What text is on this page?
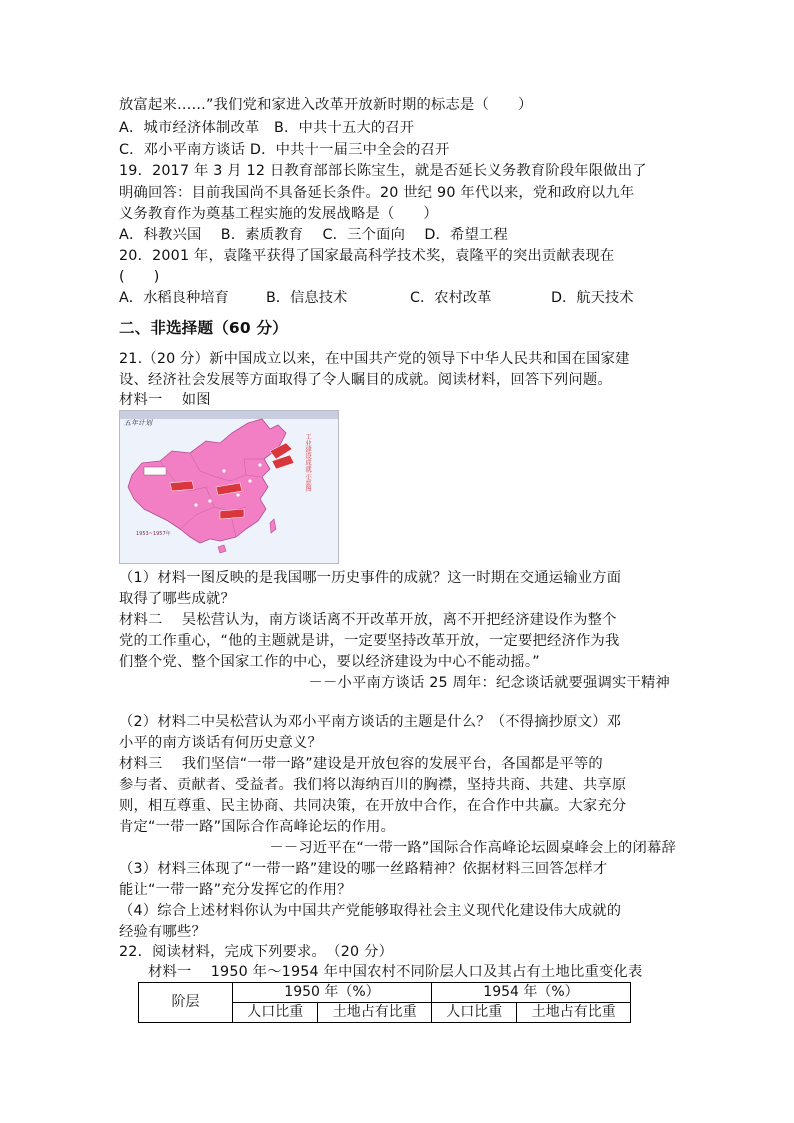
放富起来……”我们党和家进入改革开放新时期的标志是（　　）
A．城市经济体制改革　B．中共十五大的召开
C．邓小平南方谈话 D．中共十一届三中全会的召开
19．2017 年 3 月 12 日教育部部长陈宝生，就是否延长义务教育阶段年限做出了
明确回答：目前我国尚不具备延长条件。20 世纪 90 年代以来，党和政府以九年
义务教育作为奠基工程实施的发展战略是（　　）
A．科教兴国　 B．素质教育　 C．三个面向　 D．希望工程
20．2001 年，袁隆平获得了国家最高科学技术奖，袁隆平的突出贡献表现在
(　　)
A．水稻良种培育	B．信息技术	C．农村改革	D．航天技术
二、非选择题（60 分）
21.（20 分）新中国成立以来，在中国共产党的领导下中华人民共和国在国家建
设、经济社会发展等方面取得了令人瞩目的成就。阅读材料，回答下列问题。
材料一　 如图
五年计划
1953~1957年
工业建设成就示意图
（1）材料一图反映的是我国哪一历史事件的成就？这一时期在交通运输业方面
取得了哪些成就？
材料二　 吴松营认为，南方谈话离不开改革开放，离不开把经济建设作为整个
党的工作重心，“他的主题就是讲，一定要坚持改革开放，一定要把经济作为我
们整个党、整个国家工作的中心，要以经济建设为中心不能动摇。”
－－小平南方谈话 25 周年：纪念谈话就要强调实干精神
（2）材料二中吴松营认为邓小平南方谈话的主题是什么？（不得摘抄原文）邓
小平的南方谈话有何历史意义？
材料三　 我们坚信“一带一路”建设是开放包容的发展平台，各国都是平等的
参与者、贡献者、受益者。我们将以海纳百川的胸襟，坚持共商、共建、共享原
则，相互尊重、民主协商、共同决策，在开放中合作，在合作中共赢。大家充分
肯定“一带一路”国际合作高峰论坛的作用。
－－习近平在“一带一路”国际合作高峰论坛圆桌峰会上的闭幕辞
（3）材料三体现了“一带一路”建设的哪一丝路精神？依据材料三回答怎样才
能让“一带一路”充分发挥它的作用？
（4）综合上述材料你认为中国共产党能够取得社会主义现代化建设伟大成就的
经验有哪些？
22．阅读材料，完成下列要求。　（20 分）
材料一　 1950 年～1954 年中国农村不同阶层人口及其占有土地比重变化表
阶层	1950 年（%）		1954 年（%）	
	人口比重	土地占有比重	人口比重	土地占有比重
